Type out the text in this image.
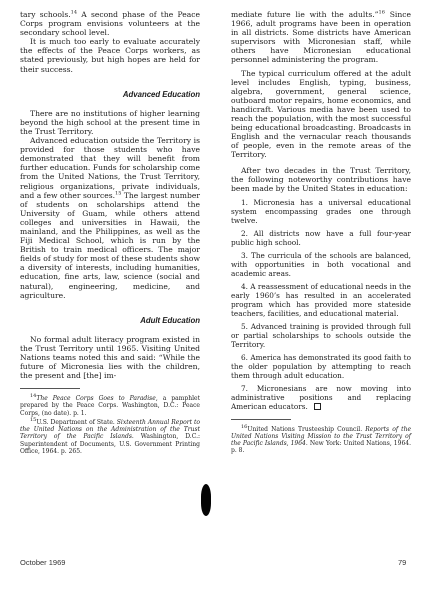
tary schools.$^{14}$ A second phase of the Peace Corps program envisions volunteers at the secondary school level.

It is much too early to evaluate accurately the effects of the Peace Corps workers, as stated previously, but high hopes are held for their success.

Advanced Education

There are no institutions of higher learning beyond the high school at the present time in the Trust Territory.

Advanced education outside the Territory is provided for those students who have demonstrated that they will benefit from further education. Funds for scholarship come from the United Nations, the Trust Territory, religious organizations, private individuals, and a few other sources.$^{15}$ The largest number of students on scholarships attend the University of Guam, while others attend colleges and universities in Hawaii, the mainland, and the Philippines, as well as the Fiji Medical School, which is run by the British to train medical officers. The major fields of study for most of these students show a diversity of interests, including humanities, education, fine arts, law, science (social and natural), engineering, medicine, and agriculture.

Adult Education

No formal adult literacy program existed in the Trust Territory until 1965. Visiting United Nations teams noted this and said: “While the future of Micronesia lies with the children, the present and [the] im-

$^{14}$The Peace Corps Goes to Paradise, a pamphlet prepared by the Peace Corps. Washington, D.C.: Peace Corps, (no date). p. 1.

$^{15}$U.S. Department of State. Sixteenth Annual Report to the United Nations on the Administration of the Trust Territory of the Pacific Islands. Washington, D.C.: Superintendent of Documents, U.S. Government Printing Office, 1964. p. 265.

mediate future lie with the adults.”$^{16}$ Since 1966, adult programs have been in operation in all districts. Some districts have American supervisors with Micronesian staff, while others have Micronesian educational personnel administering the program.

The typical curriculum offered at the adult level includes English, typing, business, algebra, government, general science, outboard motor repairs, home economics, and handicraft. Various media have been used to reach the population, with the most successful being educational broadcasting. Broadcasts in English and the vernacular reach thousands of people, even in the remote areas of the Territory.

After two decades in the Trust Territory, the following noteworthy contributions have been made by the United States in education:

1. Micronesia has a universal educational system encompassing grades one through twelve.

2. All districts now have a full four-year public high school.

3. The curricula of the schools are balanced, with opportunities in both vocational and academic areas.

4. A reassessment of educational needs in the early 1960’s has resulted in an accelerated program which has provided more stateside teachers, facilities, and educational material.

5. Advanced training is provided through full or partial scholarships to schools outside the Territory.

6. America has demonstrated its good faith to the older population by attempting to reach them through adult education.

7. Micronesians are now moving into administrative positions and replacing American educators.

$^{16}$United Nations Trusteeship Council. Reports of the United Nations Visiting Mission to the Trust Territory of the Pacific Islands, 1964. New York: United Nations, 1964. p. 8.

October 1969	79
